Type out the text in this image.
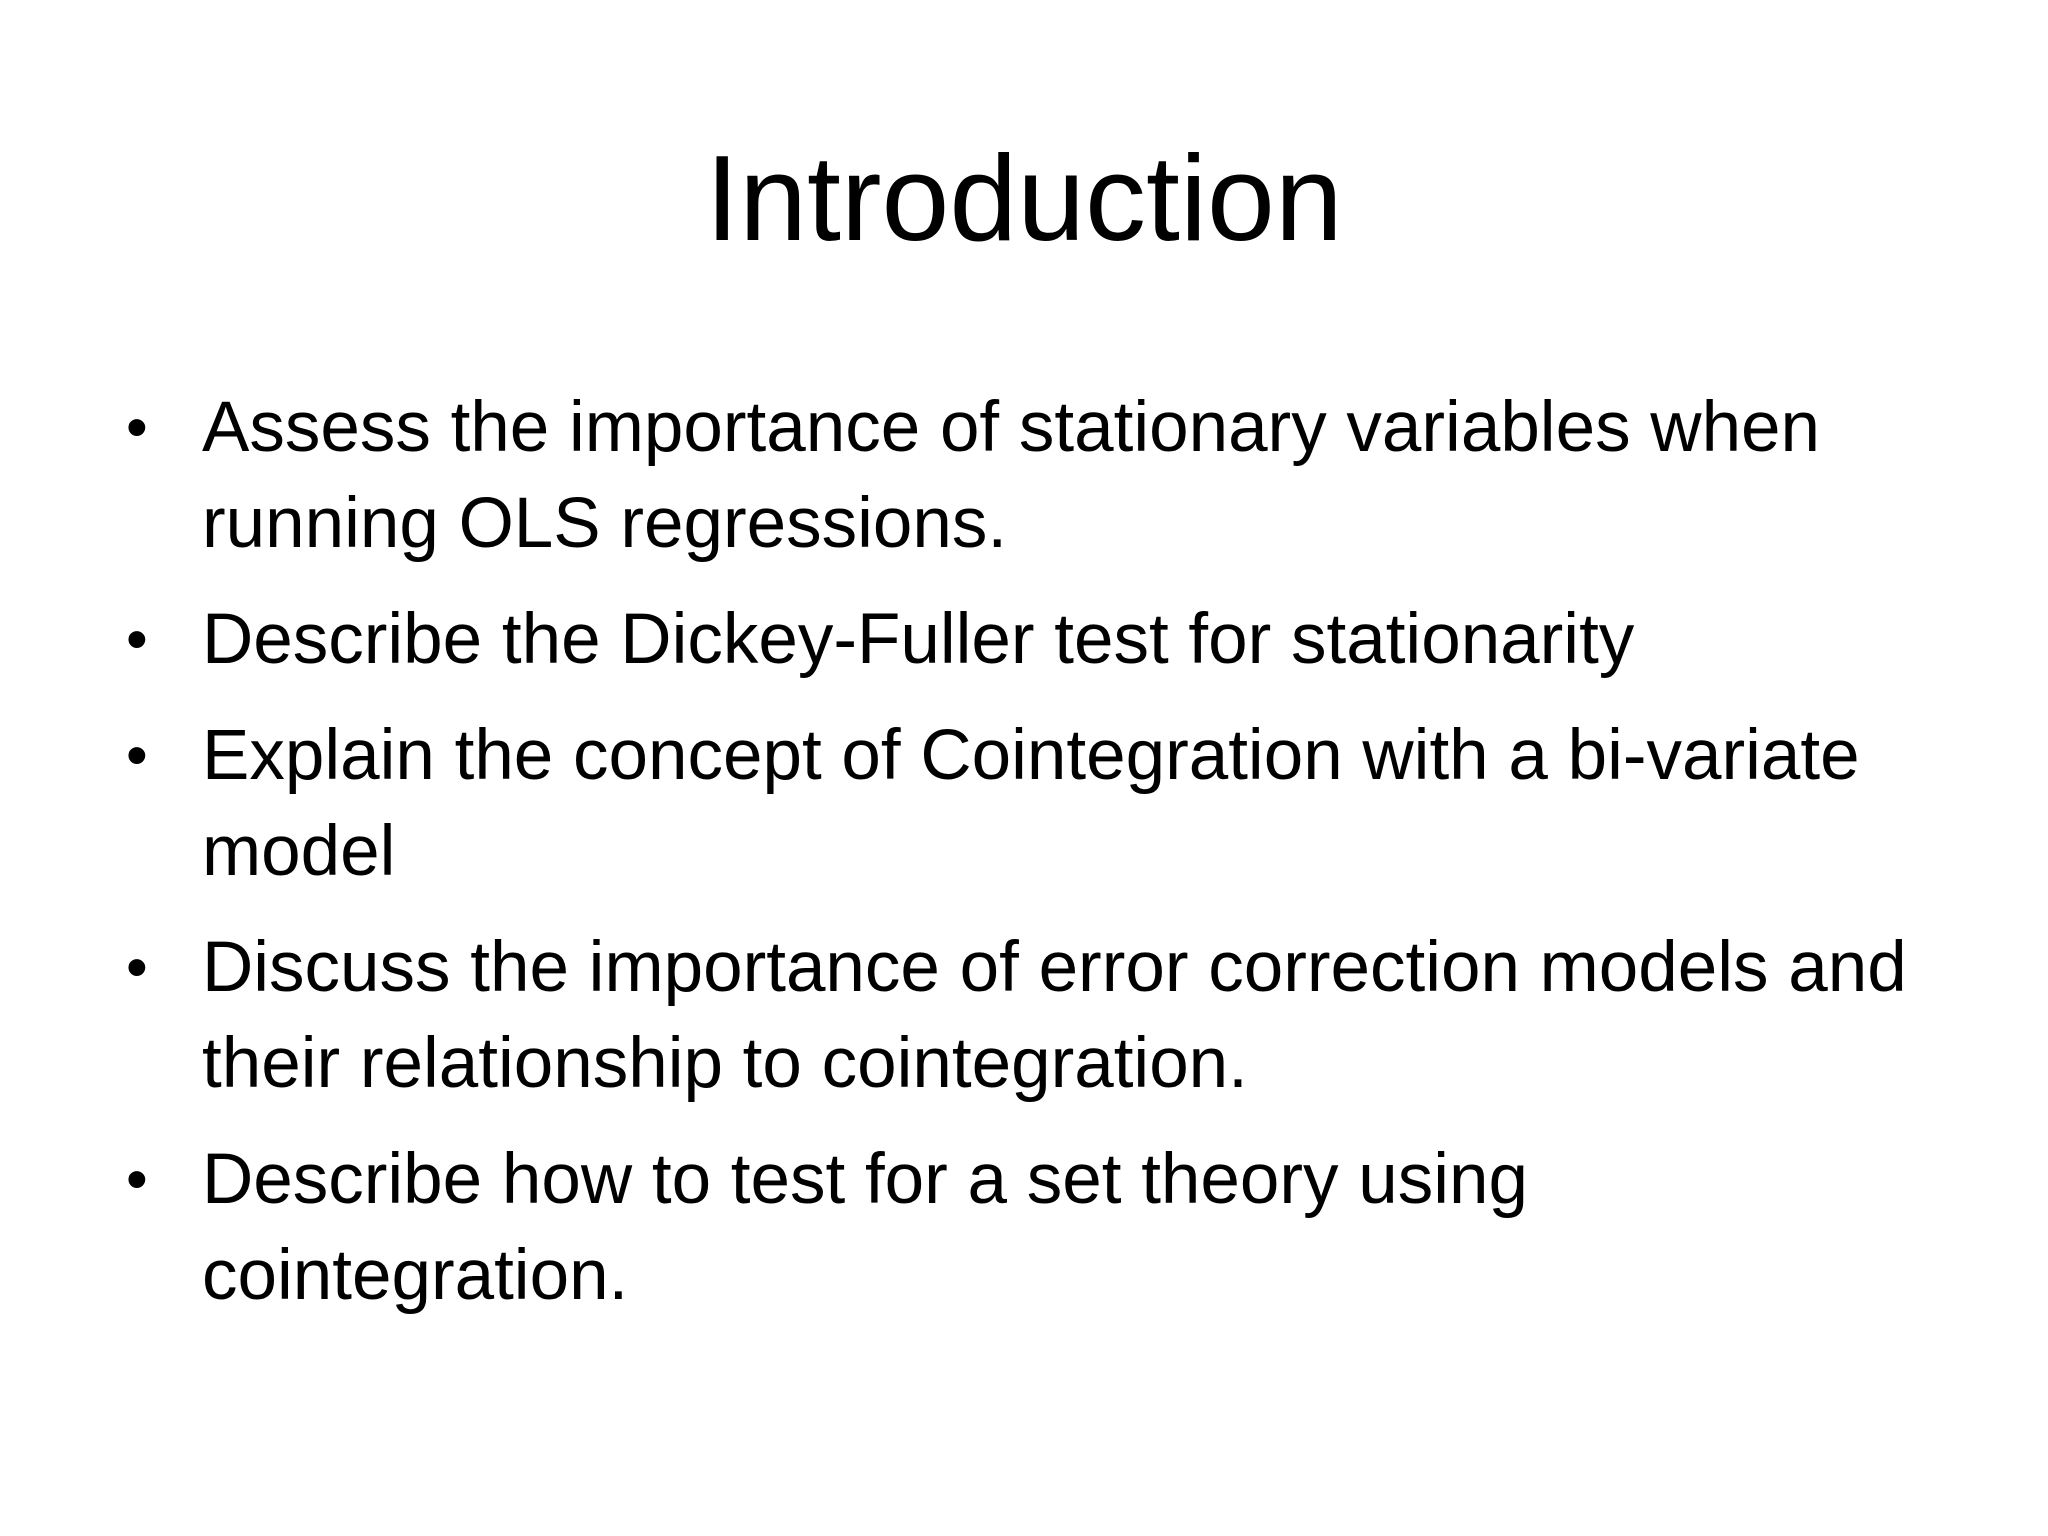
Introduction
• Assess the importance of stationary variables when running OLS regressions.
• Describe the Dickey-Fuller test for stationarity
• Explain the concept of Cointegration with a bi-variate model
• Discuss the importance of error correction models and their relationship to cointegration.
• Describe how to test for a set theory using cointegration.
